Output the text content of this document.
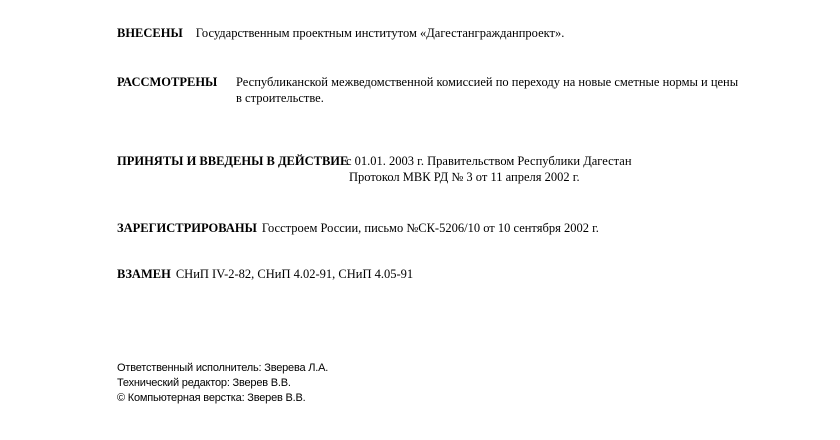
ВНЕСЕНЫ Государственным проектным институтом «Дагестангражданпроект».
РАССМОТРЕНЫ Республиканской межведомственной комиссией по переходу на новые сметные нормы и цены
в строительстве.
ПРИНЯТЫ И ВВЕДЕНЫ В ДЕЙСТВИЕ
с 01.01. 2003 г. Правительством Республики Дагестан
Протокол МВК РД № 3 от 11 апреля 2002 г.
ЗАРЕГИСТРИРОВАНЫ Госстроем России, письмо №СК-5206/10 от 10 сентября 2002 г.
ВЗАМЕН СНиП IV-2-82, СНиП 4.02-91, СНиП 4.05-91
Ответственный исполнитель: Зверева Л.А.
Технический редактор: Зверев В.В.
© Компьютерная верстка: Зверев В.В.
